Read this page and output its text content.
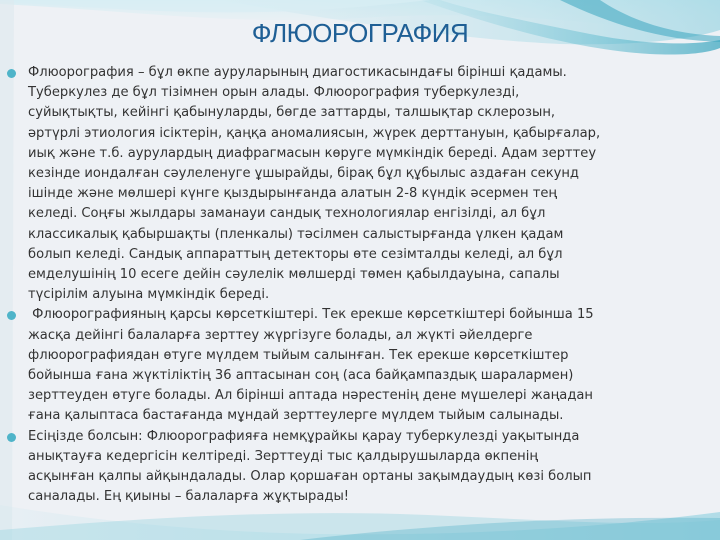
ФЛЮОРОГРАФИЯ
Флюорография – бұл өкпе ауруларының диагостикасындағы бірінші қадамы.
Туберкулез де бұл тізімнен орын алады. Флюорография туберкулезді,
суйықтықты, кейінгі қабынуларды, бөгде заттарды, талшықтар склерозын,
әртүрлі этиология ісіктерін, қаңқа аномалиясын, жүрек дерттануын, қабырғалар,
иық және т.б. аурулардың диафрагмасын көруге мүмкіндік береді. Адам зерттеу
кезінде иондалған сәулеленуге ұшырайды, бірақ бұл құбылыс аздаған секунд
ішінде және мөлшері күнге қыздырынғанда алатын 2-8 күндік әсермен тең
келеді. Соңғы жылдары заманауи сандық технологиялар енгізілді, ал бұл
классикалық қабыршақты (пленкалы) тәсілмен салыстырғанда үлкен қадам
болып келеді. Сандық аппараттың детекторы өте сезімталды келеді, ал бұл
емделушінің 10 есеге дейін сәулелік мөлшерді төмен қабылдауына, сапалы
түсірілім алуына мүмкіндік береді.
Флюорографияның қарсы көрсеткіштері. Тек ерекше көрсеткіштері бойынша 15
жасқа дейінгі балаларға зерттеу жүргізуге болады, ал жүкті әйелдерге
флюорографиядан өтуге мүлдем тыйым салынған. Тек ерекше көрсеткіштер
бойынша ғана жүктіліктің 36 аптасынан соң (аса байқампаздық шаралармен)
зерттеуден өтуге болады. Ал бірінші аптада нәрестенің дене мүшелері жаңадан
ғана қалыптаса бастағанда мұндай зерттеулерге мүлдем тыйым салынады.
Есіңізде болсын: Флюорографияға немқұрайкы қарау туберкулезді уақытында
анықтауға кедергісін келтіреді. Зерттеуді тыс қалдырушыларда өкпенің
асқынған қалпы айқындалады. Олар қоршаған ортаны зақымдаудың көзі болып
саналады. Ең қиыны – балаларға жұқтырады!
